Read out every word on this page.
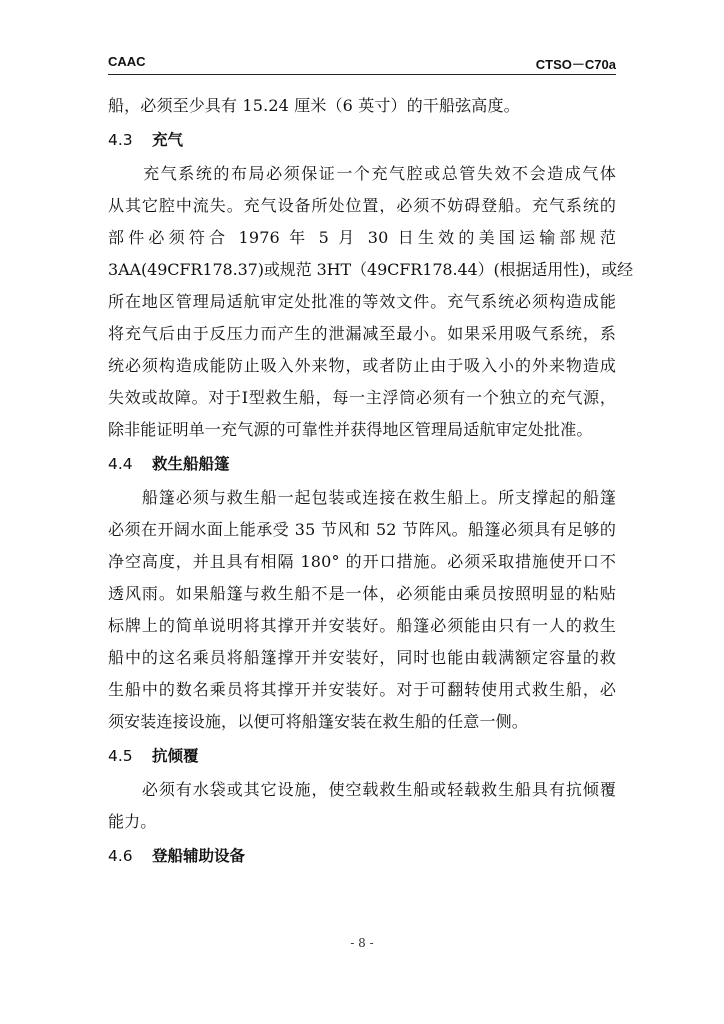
CAAC	CTSO－C70a
船，必须至少具有 15.24 厘米（6 英寸）的干船弦高度。
4.3 充气
　　充气系统的布局必须保证一个充气腔或总管失效不会造成气体
从其它腔中流失。充气设备所处位置，必须不妨碍登船。充气系统的
部件必须符合 1976 年 5 月 30 日生效的美国运输部规范
3AA(49CFR178.37)或规范 3HT（49CFR178.44）(根据适用性)，或经
所在地区管理局适航审定处批准的等效文件。充气系统必须构造成能
将充气后由于反压力而产生的泄漏减至最小。如果采用吸气系统，系
统必须构造成能防止吸入外来物，或者防止由于吸入小的外来物造成
失效或故障。对于Ⅰ型救生船，每一主浮筒必须有一个独立的充气源，
除非能证明单一充气源的可靠性并获得地区管理局适航审定处批准。
4.4 救生船船篷
　　船篷必须与救生船一起包装或连接在救生船上。所支撑起的船篷
必须在开阔水面上能承受 35 节风和 52 节阵风。船篷必须具有足够的
净空高度，并且具有相隔 180° 的开口措施。必须采取措施使开口不
透风雨。如果船篷与救生船不是一体，必须能由乘员按照明显的粘贴
标牌上的简单说明将其撑开并安装好。船篷必须能由只有一人的救生
船中的这名乘员将船篷撑开并安装好，同时也能由载满额定容量的救
生船中的数名乘员将其撑开并安装好。对于可翻转使用式救生船，必
须安装连接设施，以便可将船篷安装在救生船的任意一侧。
4.5 抗倾覆
　　必须有水袋或其它设施，使空载救生船或轻载救生船具有抗倾覆
能力。
4.6 登船辅助设备
- 8 -
